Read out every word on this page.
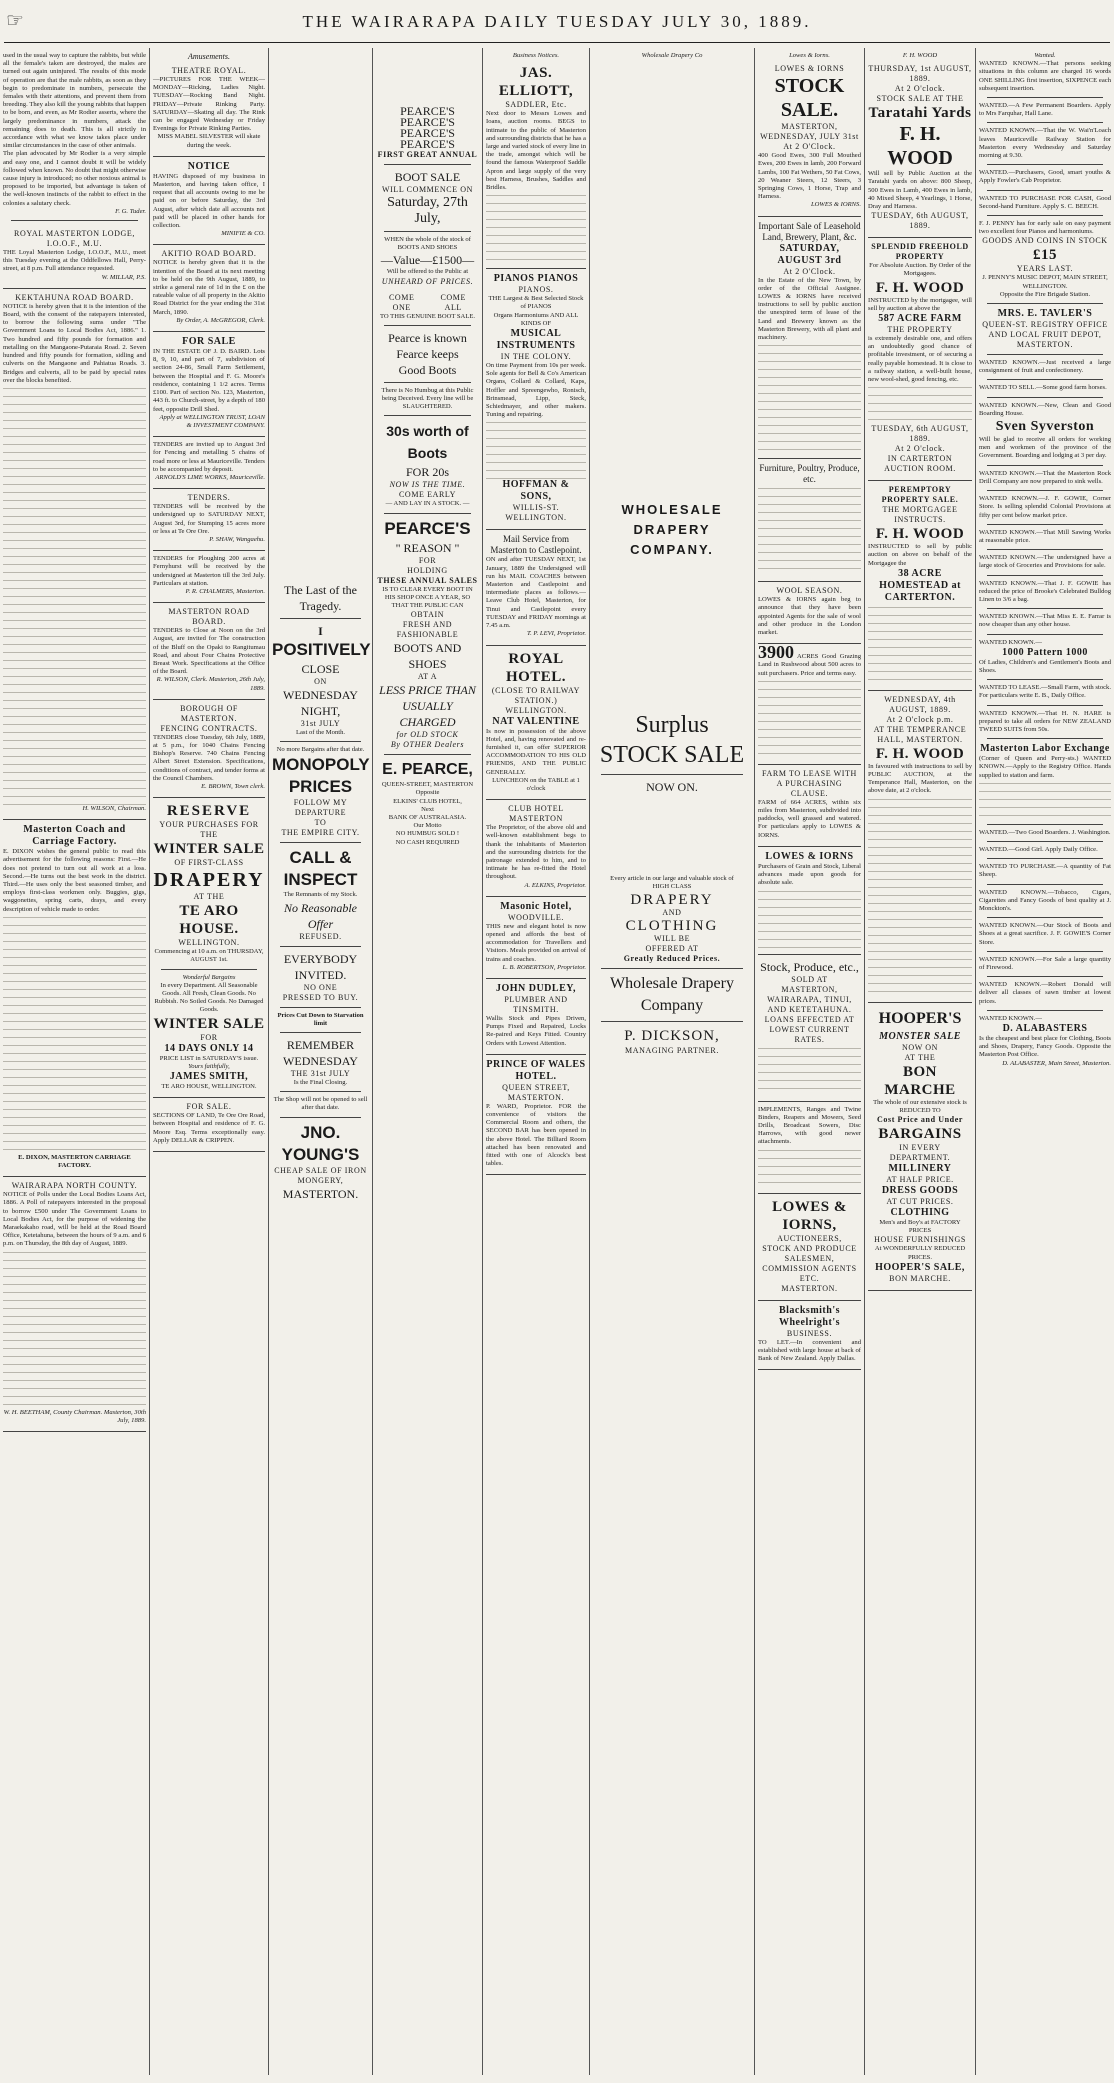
☞	THE WAIRARAPA DAILY TUESDAY JULY 30, 1889.

used in the usual way to capture the rabbits, but while all the female's taken are destroyed, the males are turned out again uninjured. The results of this mode of operation are that the male rabbits, as soon as they begin to predominate in numbers, persecute the females with their attentions, and prevent them from breeding. They also kill the young rabbits that happen to be born, and even, as Mr Rodier asserts, where the largely predominance in numbers, attack the remaining does to death. This is all strictly in accordance with what we know takes place under similar circumstances in the case of other animals.

The plan advocated by Mr Rodier is a very simple and easy one, and I cannot doubt it will be widely followed when known. No doubt that might otherwise cause injury is introduced; no other noxious animal is proposed to be imported, but advantage is taken of the well-known instincts of the rabbit to effect in the colonies a salutary check.

F. G. Tuder.

ROYAL MASTERTON LODGE, I.O.O.F., M.U.

THE Loyal Masterton Lodge, I.O.O.F., M.U., meet this Tuesday evening at the Oddfellows Hall, Perry-street, at 8 p.m. Full attendance requested.

W. MILLAR, P.S.

KEKTAHUNA ROAD BOARD.

NOTICE is hereby given that it is the intention of the Board, with the consent of the ratepayers interested, to borrow the following sums under "The Government Loans to Local Bodies Act, 1886." 1. Two hundred and fifty pounds for formation and metalling on the Mangaone-Putaraia Road. 2. Seven hundred and fifty pounds for formation, sidling and culverts on the Mangaone and Pahiatua Roads. 3. Bridges and culverts, all to be paid by special rates over the blocks benefited.

H. WILSON, Chairman.

Masterton Coach and Carriage Factory.

E. DIXON wishes the general public to read this advertisement for the following reasons: First.—He does not pretend to turn out all work at a loss. Second.—He turns out the best work in the district. Third.—He uses only the best seasoned timber, and employs first-class workmen only. Buggies, gigs, waggonettes, spring carts, drays, and every description of vehicle made to order.

E. DIXON, MASTERTON CARRIAGE FACTORY.

WAIRARAPA NORTH COUNTY.

NOTICE of Polls under the Local Bodies Loans Act, 1886. A Poll of ratepayers interested in the proposal to borrow £500 under The Government Loans to Local Bodies Act, for the purpose of widening the Maraekakaho road, will be held at the Road Board Office, Ketetahuna, between the hours of 9 a.m. and 6 p.m. on Thursday, the 8th day of August, 1889.

W. H. BEETHAM, County Chairman. Masterton, 30th July, 1889.

Amusements.
THEATRE ROYAL.

—PICTURES FOR THE WEEK— MONDAY—Ricking, Ladies Night. TUESDAY—Rocking Band Night. FRIDAY—Private Rinking Party. SATURDAY—Skating all day. The Rink can be engaged Wednesday or Friday Evenings for Private Rinking Parties.

MISS MABEL SILVESTER will skate during the week.

NOTICE

HAVING disposed of my business in Masterton, and having taken office, I request that all accounts owing to me be paid on or before Saturday, the 3rd August, after which date all accounts not paid will be placed in other hands for collection.

MINIFIE & CO.

AKITIO ROAD BOARD.

NOTICE is hereby given that it is the intention of the Board at its next meeting to be held on the 9th August, 1889, to strike a general rate of 1d in the £ on the rateable value of all property in the Akitio Road District for the year ending the 31st March, 1890.

By Order, A. McGREGOR, Clerk.

FOR SALE

IN THE ESTATE OF J. D. BAIRD. Lots 8, 9, 10, and part of 7, subdivision of section 24-86, Small Farm Settlement, between the Hospital and F. G. Moore's residence, containing 1 1/2 acres. Terms £100. Part of section No. 123, Masterton, 443 ft. to Church-street, by a depth of 180 feet, opposite Drill Shed.

Apply at WELLINGTON TRUST, LOAN & INVESTMENT COMPANY.

TENDERS are invited up to Angust 3rd for Fencing and metalling 5 chains of road more or less at Mauriceville. Tenders to be accompanied by deposit.

ARNOLD'S LIME WORKS, Mauriceville.

TENDERS.

TENDERS will be received by the undersigned up to SATURDAY NEXT, August 3rd, for Stumping 15 acres more or less at Te Ore Ore.

P. SHAW, Wangaehu.

TENDERS for Ploughing 200 acres at Fernyhurst will be received by the undersigned at Masterton till the 3rd July. Particulars at station.

P. R. CHALMERS, Masterton.

MASTERTON ROAD BOARD.

TENDERS to Close at Noon on the 3rd August, are invited for The construction of the Bluff on the Opaki to Rangitumau Road, and about Four Chains Protective Breast Work. Specifications at the Office of the Board.

R. WILSON, Clerk. Masterton, 26th July, 1889.

BOROUGH OF MASTERTON.
FENCING CONTRACTS.

TENDERS close Tuesday, 6th July, 1889, at 5 p.m., for 1040 Chains Fencing Bishop's Reserve. 740 Chains Fencing Albert Street Extension. Specifications, conditions of contract, and tender forms at the Council Chambers.

E. BROWN, Town clerk.

RESERVE
YOUR PURCHASES FOR THE
WINTER SALE
OF FIRST-CLASS
DRAPERY
AT THE
TE ARO HOUSE.
WELLINGTON.

Commencing at 10 a.m. on THURSDAY, AUGUST 1st.

Wonderful Bargains

In every Department. All Seasonable Goods. All Fresh, Clean Goods. No Rubbish. No Soiled Goods. No Damaged Goods.

WINTER SALE
FOR
14 DAYS ONLY 14

PRICE LIST in SATURDAY'S issue.

Yours faithfully,

JAMES SMITH,

TE ARO HOUSE, WELLINGTON.

FOR SALE.

SECTIONS OF LAND, Te Ore Ore Road, between Hospital and residence of F. G. Moore Esq. Terms exceptionally easy. Apply DELLAR & CRIPPEN.

The Last of the
Tragedy.
I
POSITIVELY
CLOSE
ON
WEDNESDAY NIGHT,
31st JULY
Last of the Month.
No more Bargains after that date.
MONOPOLY
PRICES
FOLLOW MY DEPARTURE
TO
THE EMPIRE CITY.
CALL & INSPECT
The Remnants of my Stock.
No Reasonable Offer
REFUSED.
EVERYBODY INVITED.
NO ONE
PRESSED TO BUY.
Prices Cut Down to Starvation limit
REMEMBER
WEDNESDAY
THE 31st JULY
Is the Final Closing.
The Shop will not be opened to sell after that date.
JNO. YOUNG'S
CHEAP SALE OF IRON
MONGERY,
MASTERTON.
PEARCE'S
PEARCE'S
PEARCE'S
PEARCE'S
FIRST GREAT ANNUAL
BOOT SALE
WILL COMMENCE ON
Saturday, 27th July,
WHEN the whole of the stock of BOOTS AND SHOES
—Value—£1500—
Will be offered to the Public at
UNHEARD OF PRICES.
COME
ONE
COME
ALL
TO THIS GENUINE BOOT SALE.
Pearce is known
Fearce keeps
Good Boots
There is No Humbug at this Public being Deceived. Every line will be SLAUGHTERED.
30s worth of Boots
FOR 20s
NOW IS THE TIME.
COME EARLY
— AND LAY IN A STOCK. —
PEARCE'S
" REASON "
FOR
HOLDING
THESE ANNUAL SALES
IS TO CLEAR EVERY BOOT IN
HIS SHOP ONCE A YEAR, SO
THAT THE PUBLIC CAN
OBTAIN
FRESH AND FASHIONABLE
BOOTS AND SHOES
AT A
LESS PRICE THAN
USUALLY CHARGED
for OLD STOCK
By OTHER Dealers
E. PEARCE,
QUEEN-STREET, MASTERTON
Opposite
ELKINS' CLUB HOTEL,
Next
BANK OF AUSTRALASIA.
Our Motto
NO HUMBUG SOLD !
NO CASH REQUIRED
Business Notices.
JAS. ELLIOTT,
SADDLER, Etc.

Next door to Messrs Lowes and Ioans, auction rooms. BEGS to intimate to the public of Masterton and surrounding districts that he has a large and varied stock of every line in the trade, amongst which will be found the famous Waterproof Saddle Apron and large supply of the very best Harness, Brushes, Saddles and Bridles.

PIANOS PIANOS
PIANOS.

THE Largest & Best Selected Stock of PIANOS

Organs Harmoniums AND ALL KINDS OF

MUSICAL INSTRUMENTS
IN THE COLONY.

On time Payment from 10s per week. Sole agents for Bell & Co's American Organs, Collard & Collard, Kaps, Hoffler and Spreengewho, Ronisch, Brinsmead, Lipp, Steck, Schiedmayer, and other makers. Tuning and repairing.

HOFFMAN & SONS,
WILLIS-ST. WELLINGTON.
Mail Service from Masterton to Castlepoint.

ON and after TUESDAY NEXT, 1st January, 1889 the Undersigned will run his MAIL COACHES between Masterton and Castlepoint and intermediate places as follows.— Leave Club Hotel, Masterton, for Tinui and Castlepoint every TUESDAY and FRIDAY mornings at 7.45 a.m.

T. P. LEVI, Proprietor.

ROYAL HOTEL.
(CLOSE TO RAILWAY STATION.)
WELLINGTON.
NAT VALENTINE

Is now in possession of the above Hotel, and, having renovated and re-furnished it, can offer SUPERIOR ACCOMMODATION TO HIS OLD FRIENDS, AND THE PUBLIC GENERALLY.

LUNCHEON on the TABLE at 1 o'clock

CLUB HOTEL MASTERTON

The Proprietor, of the above old and well-known establishment begs to thank the inhabitants of Masterton and the surrounding districts for the patronage extended to him, and to intimate he has re-fitted the Hotel throughout.

A. ELKINS, Proprietor.

Masonic Hotel,
WOODVILLE.

THIS new and elegant hotel is now opened and affords the best of accommodation for Travellers and Visitors. Meals provided on arrival of trains and coaches.

L. B. ROBERTSON, Proprietor.

JOHN DUDLEY,
PLUMBER AND TINSMITH.

Wallis Stock and Pipes Driven, Pumps Fixed and Repaired, Locks Re-paired and Keys Fitted. Country Orders with Lowest Attention.

PRINCE OF WALES HOTEL.
QUEEN STREET, MASTERTON.

P. WARD, Proprietor. FOR the convenience of visitors the Commercial Room and others, the SECOND BAR has been opened in the above Hotel. The Billiard Room attached has been renovated and fitted with one of Alcock's best tables.

Wholesale Drapery Co
WHOLESALE
DRAPERY
COMPANY.
Surplus
STOCK SALE
NOW ON.

Every article in our large and valuable stock of HIGH CLASS

DRAPERY
AND
CLOTHING
WILL BE
OFFERED AT
Greatly Reduced Prices.
Wholesale Drapery
Company
P. DICKSON,
MANAGING PARTNER.
Lowes & Iorns.
LOWES & IORNS
STOCK SALE.
MASTERTON, WEDNESDAY, JULY 31st
At 2 O'Clock.

400 Good Ewes, 300 Full Mouthed Ewes, 200 Ewes in lamb, 200 Forward Lambs, 100 Fat Wethers, 50 Fat Cows, 20 Weaner Steers, 12 Steers, 3 Springing Cows, 1 Horse, Trap and Harness.

LOWES & IORNS.

Important Sale of Leasehold Land, Brewery, Plant, &c.
SATURDAY, AUGUST 3rd
At 2 O'Clock.

In the Estate of the New Town, by order of the Official Assignee. LOWES & IORNS have received instructions to sell by public auction the unexpired term of lease of the Land and Brewery known as the Masterton Brewery, with all plant and machinery.

Furniture, Poultry, Produce, etc.
WOOL SEASON.

LOWES & IORNS again beg to announce that they have been appointed Agents for the sale of wool and other produce in the London market.

3900 ACRES Good Grazing Land in Rushwood about 500 acres to suit purchasers. Price and terms easy.
FARM TO LEASE WITH A PURCHASING CLAUSE.

FARM of 664 ACRES, within six miles from Masterton, subdivided into paddocks, well grassed and watered. For particulars apply to LOWES & IORNS.

LOWES & IORNS

Purchasers of Grain and Stock, Liberal advances made upon goods for absolute sale.

Stock, Produce, etc.,
SOLD AT
MASTERTON, WAIRARAPA, TINUI, AND KETETAHUNA.
LOANS EFFECTED AT LOWEST CURRENT RATES.

IMPLEMENTS, Ranges and Twine Binders, Reapers and Mowers, Seed Drills, Broadcast Sowers, Disc Harrows, with good newer attachments.

LOWES & IORNS,
AUCTIONEERS,
STOCK AND PRODUCE
SALESMEN,
COMMISSION AGENTS ETC.
MASTERTON.
Blacksmith's Wheelright's
BUSINESS.

TO LET.—In convenient and established with large house at back of Bank of New Zealand. Apply Dallas.

F. H. WOOD
THURSDAY, 1st AUGUST, 1889.
At 2 O'clock.
STOCK SALE AT THE
Taratahi Yards
F. H. WOOD

Will sell by Public Auction at the Taratahi yards on above: 800 Sheep, 500 Ewes in Lamb, 400 Ewes in lamb, 40 Mixed Sheep, 4 Yearlings, 1 Horse, Dray and Harness.

TUESDAY, 6th AUGUST, 1889.
SPLENDID FREEHOLD PROPERTY

For Absolute Auction. By Order of the Mortgagees.

F. H. WOOD

INSTRUCTED by the mortgagee, will sell by auction at above the

587 ACRE FARM
THE PROPERTY

is extremely desirable one, and offers an undoubtedly good chance of profitable investment, or of securing a really payable homestead. It is close to a railway station, a well-built house, new wool-shed, good fencing, etc.

TUESDAY, 6th AUGUST, 1889.
At 2 O'clock.
IN CARTERTON AUCTION ROOM.
PEREMPTORY PROPERTY SALE.
THE MORTGAGEE INSTRUCTS.
F. H. WOOD

INSTRUCTED to sell by public auction on above on behalf of the Mortgagee the

38 ACRE HOMESTEAD at CARTERTON.
WEDNESDAY, 4th AUGUST, 1889.
At 2 O'clock p.m.
AT THE TEMPERANCE HALL, MASTERTON.
F. H. WOOD

In favoured with instructions to sell by PUBLIC AUCTION, at the Temperance Hall, Masterton, on the above date, at 2 o'clock.

HOOPER'S
MONSTER SALE
NOW ON
AT THE
BON MARCHE

The whole of our extensive stock is REDUCED TO

Cost Price and Under
BARGAINS
IN EVERY DEPARTMENT.
MILLINERY
AT HALF PRICE.
DRESS GOODS
AT CUT PRICES.
CLOTHING

Men's and Boy's at FACTORY PRICES

HOUSE FURNISHINGS

At WONDERFULLY REDUCED PRICES.

HOOPER'S SALE,
BON MARCHE.
Wanted.

WANTED KNOWN.—That persons seeking situations in this column are charged 16 words ONE SHILLING first insertion, SIXPENCE each subsequent insertion.

WANTED.—A Few Permanent Boarders. Apply to Mrs Farquhar, Hall Lane.

WANTED KNOWN.—That the W. Wai'n'Loach leaves Mauriceville Railway Station for Masterton every Wednesday and Saturday morning at 9.30.

WANTED.—Purchasers, Good, smart youths & Apply Fowler's Cab Proprietor.

WANTED TO PURCHASE FOR CASH, Good Second-hand Furniture. Apply S. C. BEECH.

F. J. PENNY has for early sale on easy payment two excellent four Pianos and harmoniums.

GOODS AND COINS IN STOCK
£15
YEARS LAST.

J. PENNY'S MUSIC DEPOT, MAIN STREET, WELLINGTON.

Opposite the Fire Brigade Station.

MRS. E. TAVLER'S
QUEEN-ST. REGISTRY OFFICE
AND LOCAL FRUIT DEPOT, MASTERTON.

WANTED KNOWN.—Just received a large consignment of fruit and confectionery.

WANTED TO SELL.—Some good farm horses.

WANTED KNOWN.—New, Clean and Good Boarding House.

Sven Syverston

Will be glad to receive all orders for working men and workmen of the province of the Government. Boarding and lodging at 3 per day.

WANTED KNOWN.—That the Masterton Rock Drill Company are now prepared to sink wells.

WANTED KNOWN.—J. F. GOWIE, Corner Store. Is selling splendid Colonial Provisions at fifty per cent below market price.

WANTED KNOWN.—That Mill Sawing Works at reasonable price.

WANTED KNOWN.—The undersigned have a large stock of Groceries and Provisions for sale.

WANTED KNOWN.—That J. F. GOWIE has reduced the price of Brooke's Celebrated Bulldog Linen to 3/6 a bag.

WANTED KNOWN.—That Miss E. E. Farrar is now cheaper than any other house.

WANTED KNOWN.—

1000 Pattern 1000

Of Ladies, Children's and Gentlemen's Boots and Shoes.

WANTED TO LEASE.—Small Farm, with stock. For particulars write E. B., Daily Office.

WANTED KNOWN.—That H. N. HARE is prepared to take all orders for NEW ZEALAND TWEED SUITS from 50s.

Masterton Labor Exchange

(Corner of Queen and Perry-sts.) WANTED KNOWN.—Apply to the Registry Office. Hands supplied to station and farm.

WANTED.—Two Good Boarders. J. Washington.

WANTED.—Good Girl. Apply Daily Office.

WANTED TO PURCHASE.—A quantity of Fat Sheep.

WANTED KNOWN.—Tobacco, Cigars, Cigarettes and Fancy Goods of best quality at J. Monckton's.

WANTED KNOWN.—Our Stock of Boots and Shoes at a great sacrifice. J. F. GOWIE'S Corner Store.

WANTED KNOWN.—For Sale a large quantity of Firewood.

WANTED KNOWN.—Robert Donald will deliver all classes of sawn timber at lowest prices.

WANTED KNOWN.—

D. ALABASTERS

Is the cheapest and best place for Clothing, Boots and Shoes, Drapery, Fancy Goods. Opposite the Masterton Post Office.

D. ALABASTER, Main Street, Masterton.
